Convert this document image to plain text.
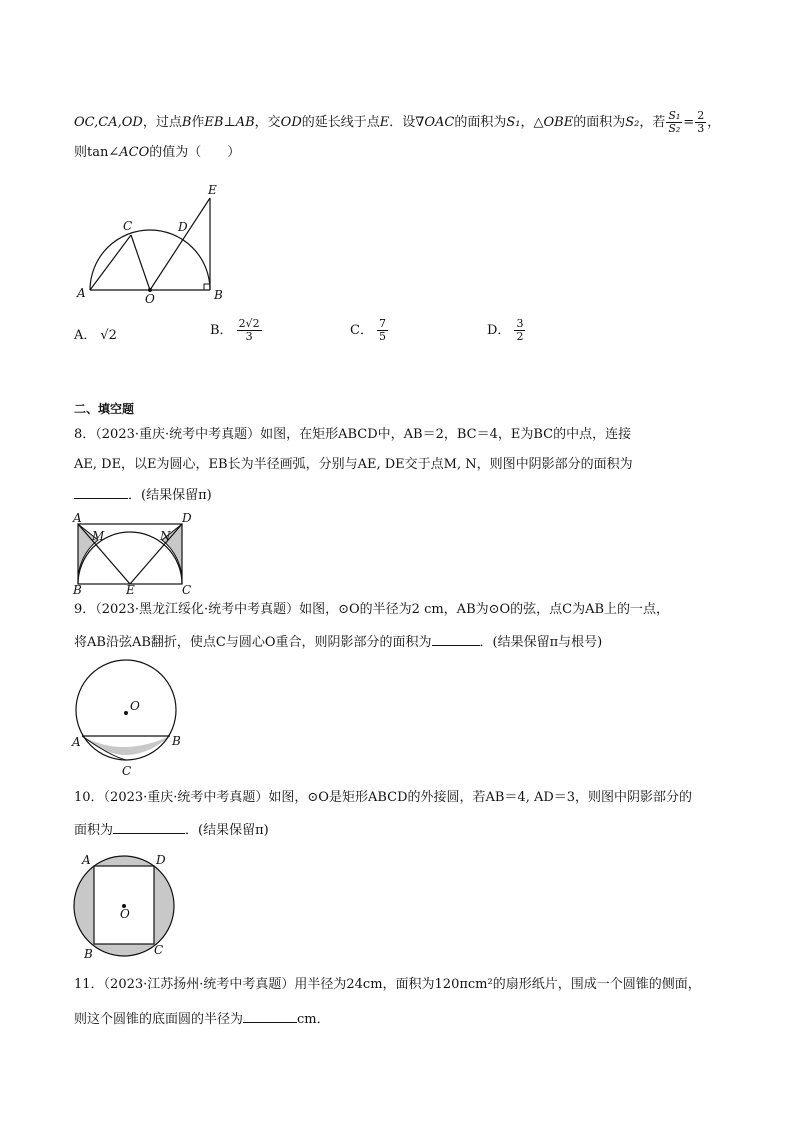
OC,CA,OD，过点B作EB⊥AB，交OD的延长线于点E．设∇OAC的面积为S₁，△OBE的面积为S₂，若 $\frac{\text{S₁}}{\text{S₂}} = \frac{2}{3}$ ，
则tan∠ACO的值为（　　）
A	O	B
C	D
E
A． √2	B． $\frac{2√2}{3}$	C． $\frac{7}{5}$	D． $\frac{3}{2}$
二、填空题
8．（2023·重庆·统考中考真题）如图，在矩形ABCD中，AB＝2，BC＝4，E为BC的中点，连接
AE, DE，以E为圆心，EB长为半径画弧，分别与AE, DE交于点M, N，则图中阴影部分的面积为
．(结果保留π)
A	D
M	N
B	E	C
9．（2023·黑龙江绥化·统考中考真题）如图，⊙O的半径为2 cm，AB为⊙O的弦，点C为AB上的一点，
将AB沿弦AB翻折，使点C与圆心O重合，则阴影部分的面积为	．(结果保留π与根号)
O
A	B
C
10．（2023·重庆·统考中考真题）如图，⊙O是矩形ABCD的外接圆，若AB＝4, AD＝3，则图中阴影部分的
面积为	．(结果保留π)
A	D
O
B	C
11．（2023·江苏扬州·统考中考真题）用半径为24cm，面积为120πcm²的扇形纸片，围成一个圆锥的侧面，
则这个圆锥的底面圆的半径为	cm．
